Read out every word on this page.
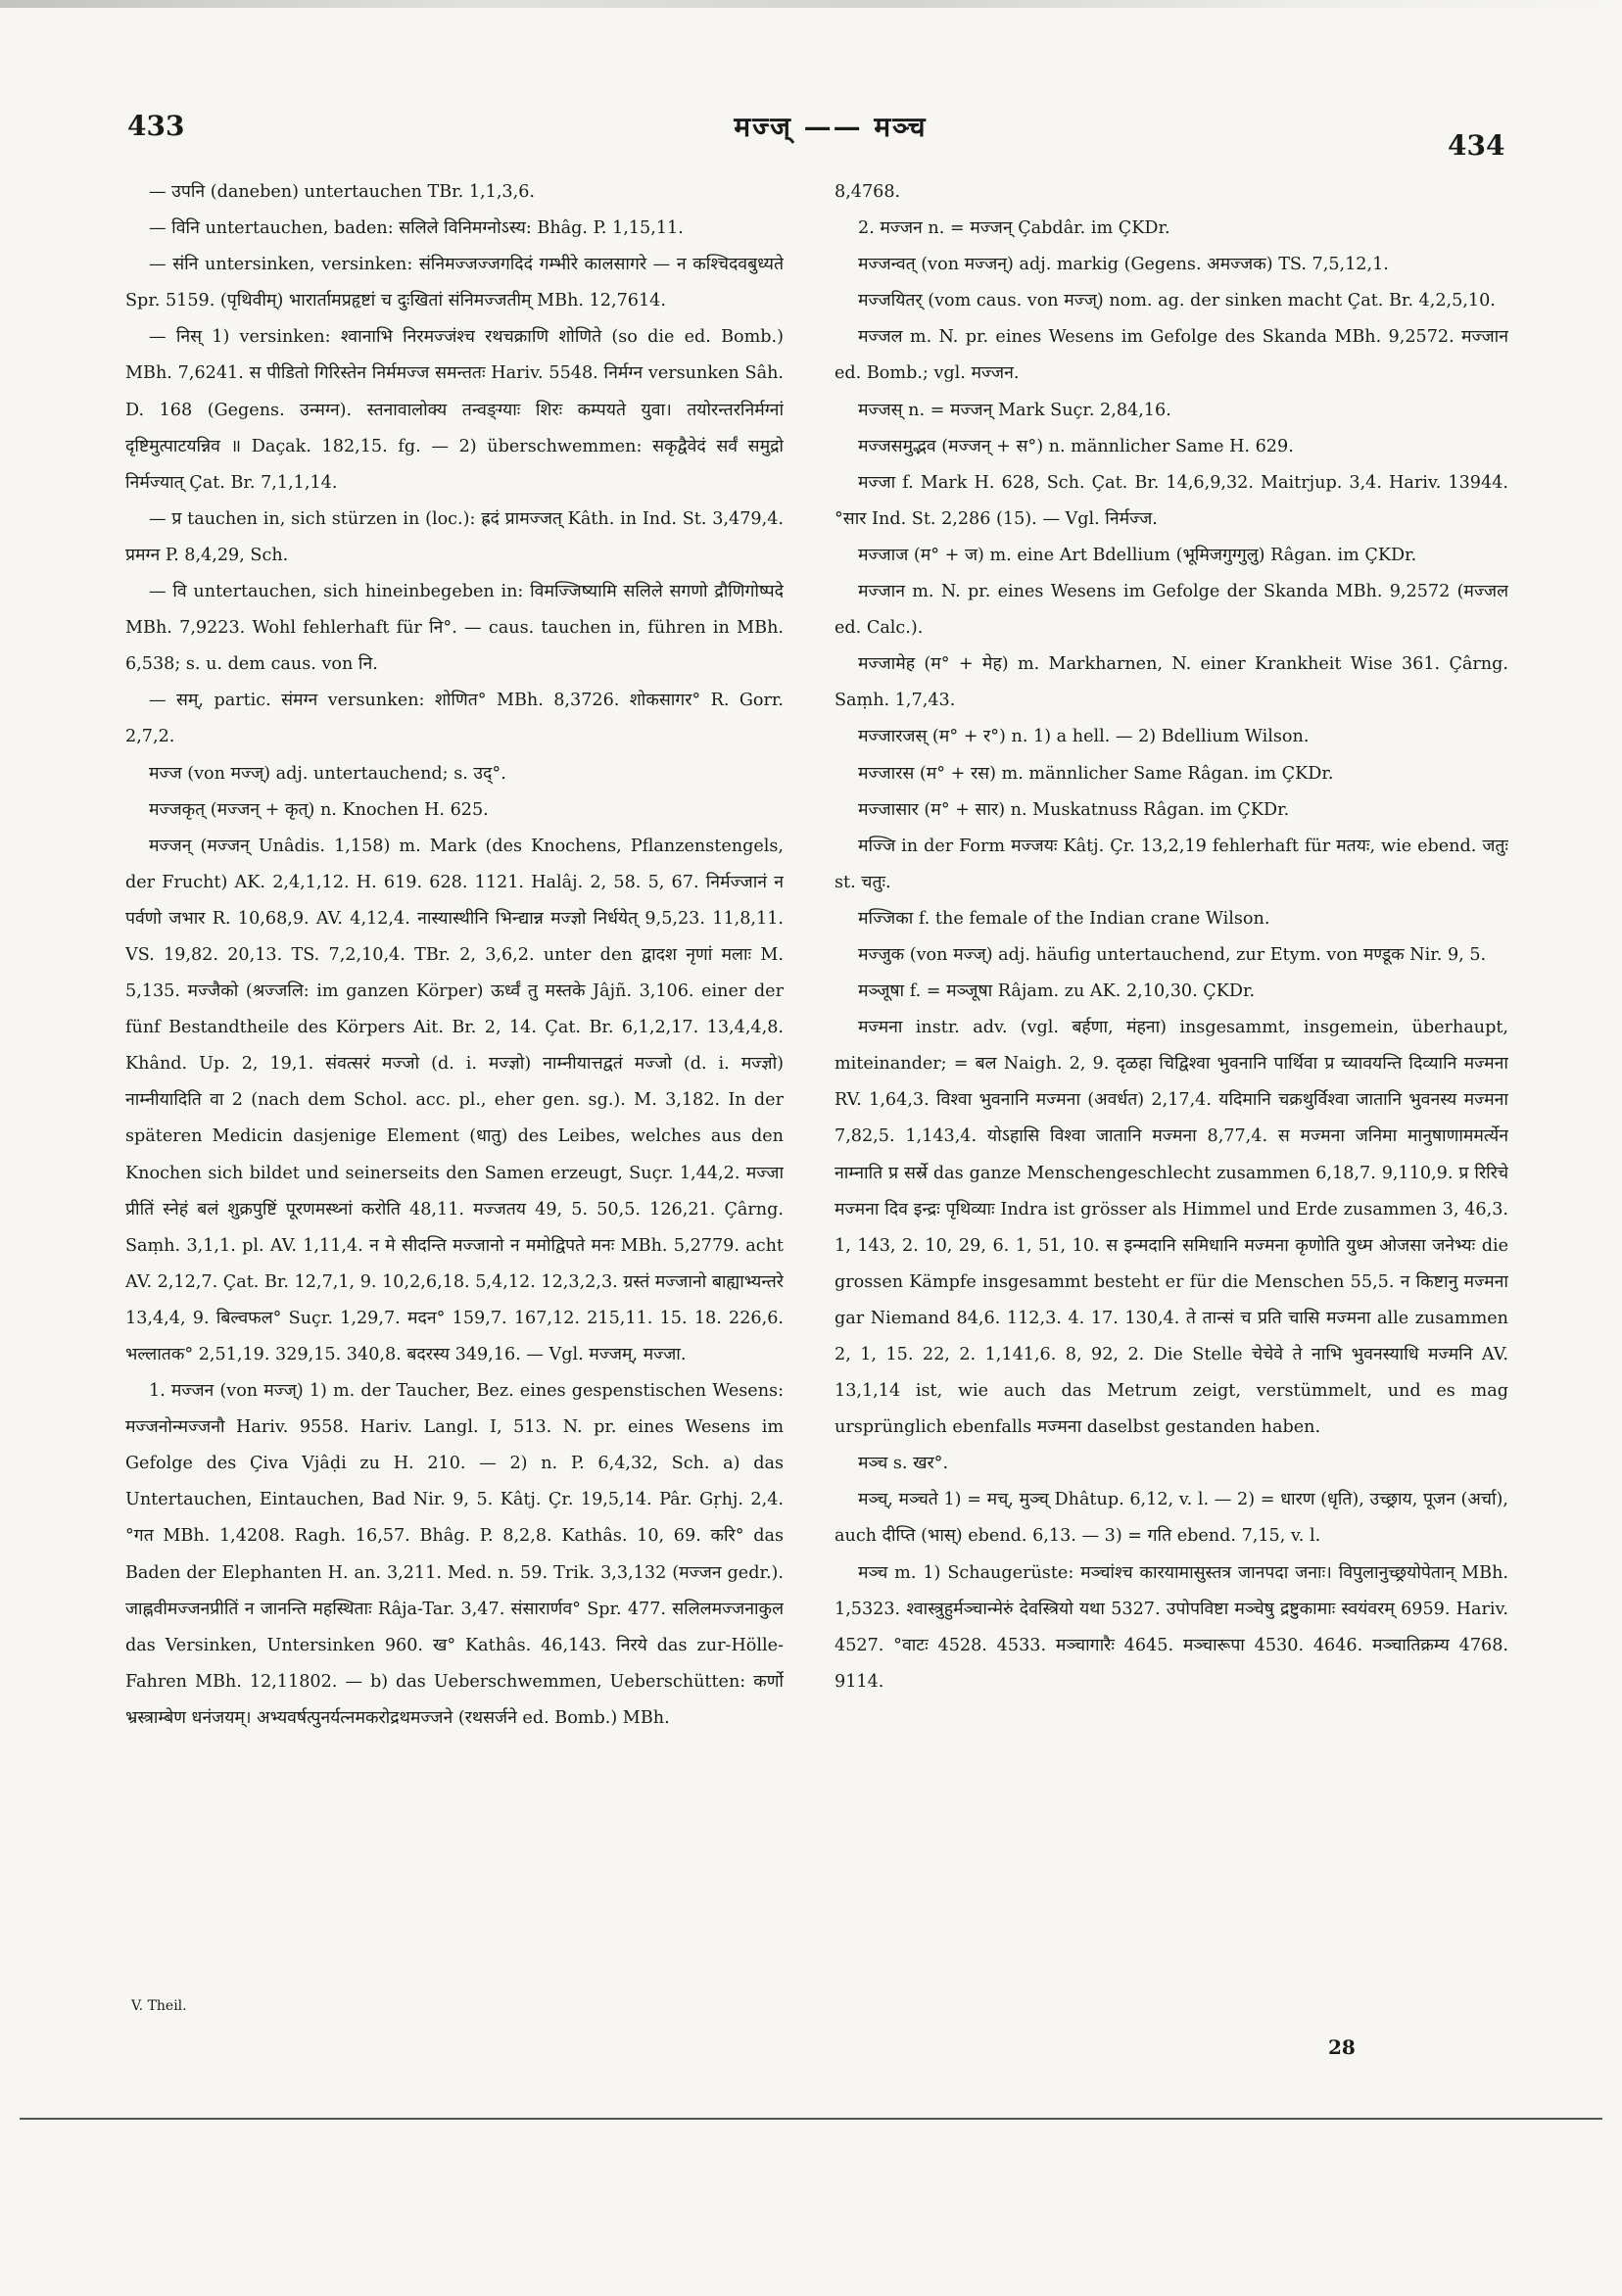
433	मज्ज् —— मञ्च
434

— उपनि (daneben) untertauchen TBr. 1,1,3,6.

— विनि untertauchen, baden: सलिले विनिमग्नोऽस्य: Bhâg. P. 1,15,11.

— संनि untersinken, versinken: संनिमज्जज्जगदिदं गम्भीरे कालसागरे — न कश्चिदवबुध्यते Spr. 5159. (पृथिवीम्) भारार्तामप्रहृष्टां च दुःखितां संनिमज्जतीम् MBh. 12,7614.

— निस् 1) versinken: श्वानाभि निरमज्जंश्च रथचक्राणि शोणिते (so die ed. Bomb.) MBh. 7,6241. स पीडितो गिरिस्तेन निर्ममज्ज समन्ततः Hariv. 5548. निर्मग्न versunken Sâh. D. 168 (Gegens. उन्मग्न). स्तनावालोक्य तन्वङ्ग्याः शिरः कम्पयते युवा। तयोरन्तरनिर्मग्नां दृष्टिमुत्पाटयन्निव ॥ Daçak. 182,15. fg. — 2) überschwemmen: सकृद्वैवेदं सर्वं समुद्रो निर्मज्यात् Çat. Br. 7,1,1,14.

— प्र tauchen in, sich stürzen in (loc.): ह्रदं प्रामज्जत् Kâth. in Ind. St. 3,479,4. प्रमग्न P. 8,4,29, Sch.

— वि untertauchen, sich hineinbegeben in: विमज्जिष्यामि सलिले सगणो द्रौणिगोष्पदे MBh. 7,9223. Wohl fehlerhaft für नि°. — caus. tauchen in, führen in MBh. 6,538; s. u. dem caus. von नि.

— सम्, partic. संमग्न versunken: शोणित° MBh. 8,3726. शोकसागर° R. Gorr. 2,7,2.

मज्ज (von मज्ज्) adj. untertauchend; s. उद्°.

मज्जकृत् (मज्जन् + कृत्) n. Knochen H. 625.

मज्जन् (मज्जन् Unâdis. 1,158) m. Mark (des Knochens, Pflanzenstengels, der Frucht) AK. 2,4,1,12. H. 619. 628. 1121. Halâj. 2, 58. 5, 67. निर्मज्जानं न पर्वणो जभार R. 10,68,9. AV. 4,12,4. नास्यास्थीनि भिन्द्यान्न मज्ज्ञो निर्धयेत् 9,5,23. 11,8,11. VS. 19,82. 20,13. TS. 7,2,10,4. TBr. 2, 3,6,2. unter den द्वादश नृणां मलाः M. 5,135. मज्जैको (श्रज्जलि: im ganzen Körper) ऊर्ध्वं तु मस्तके Jâjñ. 3,106. einer der fünf Bestandtheile des Körpers Ait. Br. 2, 14. Çat. Br. 6,1,2,17. 13,4,4,8. Khând. Up. 2, 19,1. संवत्सरं मज्जो (d. i. मज्ज्ञो) नाम्नीयात्तद्वतं मज्जो (d. i. मज्ज्ञो) नाम्नीयादिति वा 2 (nach dem Schol. acc. pl., eher gen. sg.). M. 3,182. In der späteren Medicin dasjenige Element (धातु) des Leibes, welches aus den Knochen sich bildet und seinerseits den Samen erzeugt, Suçr. 1,44,2. मज्जा प्रीतिं स्नेहं बलं शुक्रपुष्टिं पूरणमस्थ्नां करोति 48,11. मज्जतय 49, 5. 50,5. 126,21. Çârng. Saṃh. 3,1,1. pl. AV. 1,11,4. न मे सीदन्ति मज्जानो न ममोद्विपते मनः MBh. 5,2779. acht AV. 2,12,7. Çat. Br. 12,7,1, 9. 10,2,6,18. 5,4,12. 12,3,2,3. ग्रस्तं मज्जानो बाह्याभ्यन्तरे 13,4,4, 9. बिल्वफल° Suçr. 1,29,7. मदन° 159,7. 167,12. 215,11. 15. 18. 226,6. भल्लातक° 2,51,19. 329,15. 340,8. बदरस्य 349,16. — Vgl. मज्जम्, मज्जा.

1. मज्जन (von मज्ज्) 1) m. der Taucher, Bez. eines gespenstischen Wesens: मज्जनोन्मज्जनौ Hariv. 9558. Hariv. Langl. I, 513. N. pr. eines Wesens im Gefolge des Çiva Vjâḍi zu H. 210. — 2) n. P. 6,4,32, Sch. a) das Untertauchen, Eintauchen, Bad Nir. 9, 5. Kâtj. Çr. 19,5,14. Pâr. Gṛhj. 2,4. °गत MBh. 1,4208. Ragh. 16,57. Bhâg. P. 8,2,8. Kathâs. 10, 69. करि° das Baden der Elephanten H. an. 3,211. Med. n. 59. Trik. 3,3,132 (मज्जन gedr.). जाह्नवीमज्जनप्रीतिं न जानन्ति महस्थिताः Râja-Tar. 3,47. संसारार्णव° Spr. 477. सलिलमज्जनाकुल das Versinken, Untersinken 960. ख° Kathâs. 46,143. निरये das zur-Hölle-Fahren MBh. 12,11802. — b) das Ueberschwemmen, Ueberschütten: कर्णो भ्रस्त्राम्बेण धनंजयम्। अभ्यवर्षत्पुनर्यत्नमकरोद्रथमज्जने (रथसर्जने ed. Bomb.) MBh.

8,4768.

2. मज्जन n. = मज्जन् Çabdâr. im ÇKDr.

मज्जन्वत् (von मज्जन्) adj. markig (Gegens. अमज्जक) TS. 7,5,12,1.

मज्जयितर् (vom caus. von मज्ज्) nom. ag. der sinken macht Çat. Br. 4,2,5,10.

मज्जल m. N. pr. eines Wesens im Gefolge des Skanda MBh. 9,2572. मज्जान ed. Bomb.; vgl. मज्जन.

मज्जस् n. = मज्जन् Mark Suçr. 2,84,16.

मज्जसमुद्भव (मज्जन् + स°) n. männlicher Same H. 629.

मज्जा f. Mark H. 628, Sch. Çat. Br. 14,6,9,32. Maitrjup. 3,4. Hariv. 13944. °सार Ind. St. 2,286 (15). — Vgl. निर्मज्ज.

मज्जाज (म° + ज) m. eine Art Bdellium (भूमिजगुग्गुलु) Râgan. im ÇKDr.

मज्जान m. N. pr. eines Wesens im Gefolge der Skanda MBh. 9,2572 (मज्जल ed. Calc.).

मज्जामेह (म° + मेह) m. Markharnen, N. einer Krankheit Wise 361. Çârng. Saṃh. 1,7,43.

मज्जारजस् (म° + र°) n. 1) a hell. — 2) Bdellium Wilson.

मज्जारस (म° + रस) m. männlicher Same Râgan. im ÇKDr.

मज्जासार (म° + सार) n. Muskatnuss Râgan. im ÇKDr.

मज्जि in der Form मज्जयः Kâtj. Çr. 13,2,19 fehlerhaft für मतयः, wie ebend. जतुः st. चतुः.

मज्जिका f. the female of the Indian crane Wilson.

मज्जुक (von मज्ज्) adj. häufig untertauchend, zur Etym. von मण्डूक Nir. 9, 5.

मञ्जूषा f. = मञ्जूषा Râjam. zu AK. 2,10,30. ÇKDr.

मज्मना instr. adv. (vgl. बर्हणा, मंहना) insgesammt, insgemein, überhaupt, miteinander; = बल Naigh. 2, 9. दृळहा चिद्विश्वा भुवनानि पार्थिवा प्र च्यावयन्ति दिव्यानि मज्मना RV. 1,64,3. विश्वा भुवनानि मज्मना (अवर्धत) 2,17,4. यदिमानि चक्रथुर्विश्वा जातानि भुवनस्य मज्मना 7,82,5. 1,143,4. योऽहासि विश्वा जातानि मज्मना 8,77,4. स मज्मना जनिमा मानुषाणाममर्त्येन नाम्नाति प्र सर्स्रे das ganze Menschengeschlecht zusammen 6,18,7. 9,110,9. प्र रिरिचे मज्मना दिव इन्द्रः पृथिव्याः Indra ist grösser als Himmel und Erde zusammen 3, 46,3. 1, 143, 2. 10, 29, 6. 1, 51, 10. स इन्मदानि समिधानि मज्मना कृणोति युध्म ओजसा जनेभ्यः die grossen Kämpfe insgesammt besteht er für die Menschen 55,5. न किष्टानु मज्मना gar Niemand 84,6. 112,3. 4. 17. 130,4. ते तान्सं च प्रति चासि मज्मना alle zusammen 2, 1, 15. 22, 2. 1,141,6. 8, 92, 2. Die Stelle चेचेवे ते नाभि भुवनस्याधि मज्मनि AV. 13,1,14 ist, wie auch das Metrum zeigt, verstümmelt, und es mag ursprünglich ebenfalls मज्मना daselbst gestanden haben.

मञ्च s. खर°.

मञ्च्, मञ्चते 1) = मच्, मुञ्च् Dhâtup. 6,12, v. l. — 2) = धारण (धृति), उच्छ्राय, पूजन (अर्चा), auch दीप्ति (भास्) ebend. 6,13. — 3) = गति ebend. 7,15, v. l.

मञ्च m. 1) Schaugerüste: मञ्चांश्च कारयामासुस्तत्र जानपदा जनाः। विपुलानुच्छ्रयोपेतान् MBh. 1,5323. श्वास्त्रुहुर्मञ्चान्मेरुं देवस्त्रियो यथा 5327. उपोपविष्टा मञ्चेषु द्रष्टुकामाः स्वयंवरम् 6959. Hariv. 4527. °वाटः 4528. 4533. मञ्चागारैः 4645. मञ्चारूपा 4530. 4646. मञ्चातिक्रम्य 4768. 9114.

V. Theil.
28
